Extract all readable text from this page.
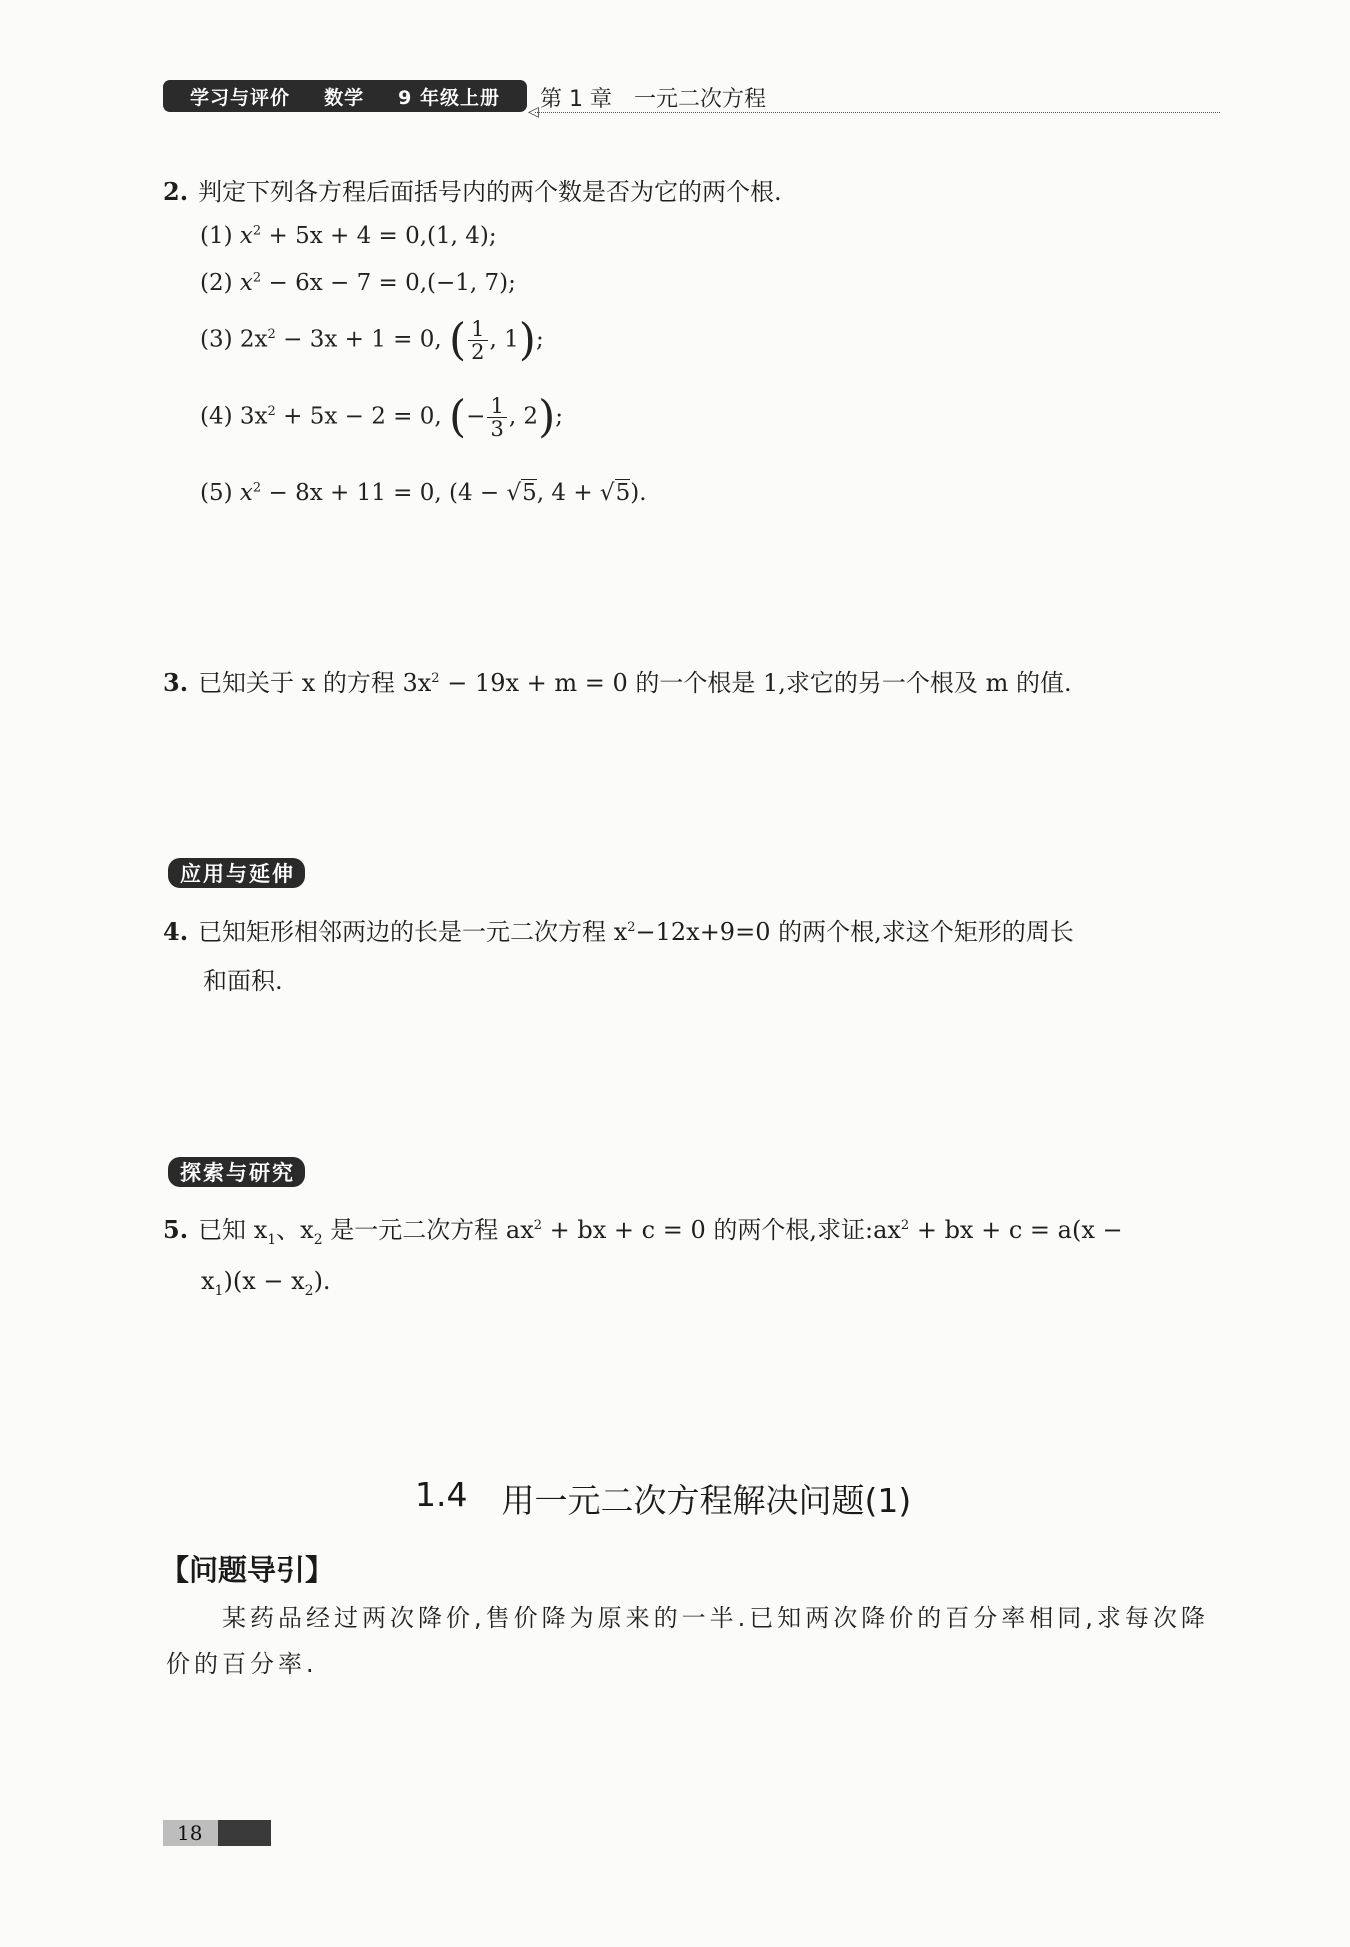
学习与评价 数学 9 年级上册
◁ 第 1 章 一元二次方程
2. 判定下列各方程后面括号内的两个数是否为它的两个根.
(1) $x^2 + 5x + 4 = 0,(1$, 4);
(2) $x^2 - 6x - 7 = 0,(-1$, 7);
(3) $2x^2 - 3x + 1 = 0$, ( $\frac{1}{2}$ , 1);
(4) $3x^2 + 5x - 2 = 0$, (− $\frac{1}{3}$ , 2);
(5) $x^2 - 8x + 11 = 0$, (4 − √5, 4 + √5).
3. 已知关于 x 的方程 $3x^2 - 19x + m = 0$ 的一个根是 1,求它的另一个根及 m 的值.
应用与延伸
4. 已知矩形相邻两边的长是一元二次方程 $x^2-12x+9=0$ 的两个根,求这个矩形的周长
和面积.
探索与研究
5. 已知 $x_1$、$x_2$ 是一元二次方程 $ax^2$ + bx + c = 0 的两个根,求证$:ax^2$ + bx + c = a(x −
$x_1)(x - x_2)$.
1.4 用一元二次方程解决问题(1)
【问题导引】
某药品经过两次降价,售价降为原来的一半.已知两次降价的百分率相同,求每次降价的百分率.
18
